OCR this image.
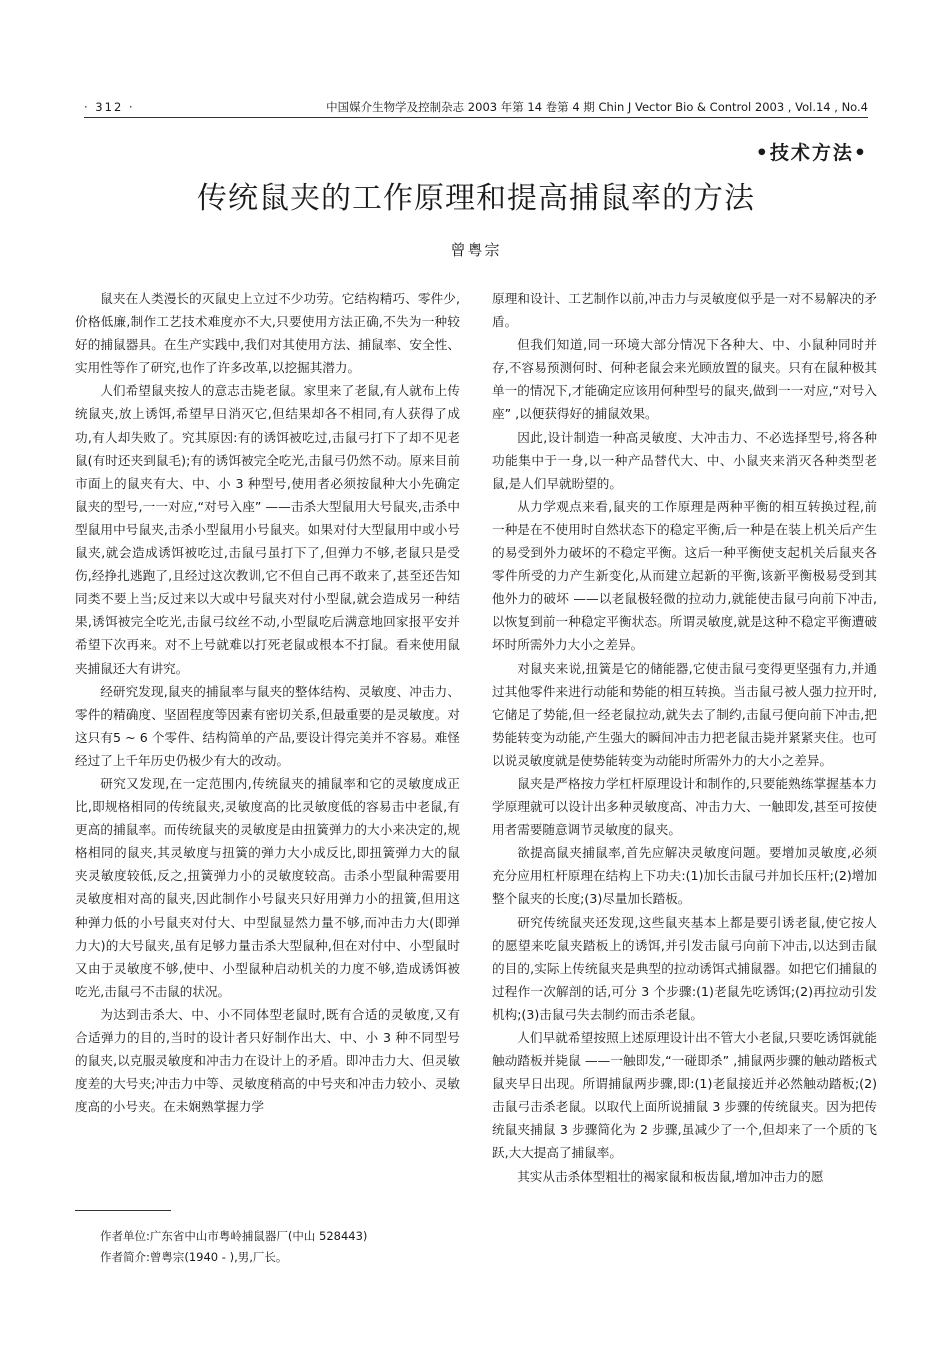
· 312 ·	中国媒介生物学及控制杂志 2003 年第 14 卷第 4 期 Chin J Vector Bio & Control 2003 , Vol.14 , No.4
•技术方法•
传统鼠夹的工作原理和提高捕鼠率的方法
曾粤宗

鼠夹在人类漫长的灭鼠史上立过不少功劳。它结构精巧、零件少,价格低廉,制作工艺技术难度亦不大,只要使用方法正确,不失为一种较好的捕鼠器具。在生产实践中,我们对其使用方法、捕鼠率、安全性、实用性等作了研究,也作了许多改革,以挖掘其潜力。

人们希望鼠夹按人的意志击毙老鼠。家里来了老鼠,有人就布上传统鼠夹,放上诱饵,希望早日消灭它,但结果却各不相同,有人获得了成功,有人却失败了。究其原因:有的诱饵被吃过,击鼠弓打下了却不见老鼠(有时还夹到鼠毛);有的诱饵被完全吃光,击鼠弓仍然不动。原来目前市面上的鼠夹有大、中、小 3 种型号,使用者必须按鼠种大小先确定鼠夹的型号,一一对应,“对号入座” ——击杀大型鼠用大号鼠夹,击杀中型鼠用中号鼠夹,击杀小型鼠用小号鼠夹。如果对付大型鼠用中或小号鼠夹,就会造成诱饵被吃过,击鼠弓虽打下了,但弹力不够,老鼠只是受伤,经挣扎逃跑了,且经过这次教训,它不但自己再不敢来了,甚至还告知同类不要上当;反过来以大或中号鼠夹对付小型鼠,就会造成另一种结果,诱饵被完全吃光,击鼠弓纹丝不动,小型鼠吃后满意地回家报平安并希望下次再来。对不上号就难以打死老鼠或根本不打鼠。看来使用鼠夹捕鼠还大有讲究。

经研究发现,鼠夹的捕鼠率与鼠夹的整体结构、灵敏度、冲击力、零件的精确度、坚固程度等因素有密切关系,但最重要的是灵敏度。对这只有5 ~ 6 个零件、结构简单的产品,要设计得完美并不容易。难怪经过了上千年历史仍极少有大的改动。

研究又发现,在一定范围内,传统鼠夹的捕鼠率和它的灵敏度成正比,即规格相同的传统鼠夹,灵敏度高的比灵敏度低的容易击中老鼠,有更高的捕鼠率。而传统鼠夹的灵敏度是由扭簧弹力的大小来决定的,规格相同的鼠夹,其灵敏度与扭簧的弹力大小成反比,即扭簧弹力大的鼠夹灵敏度较低,反之,扭簧弹力小的灵敏度较高。击杀小型鼠种需要用灵敏度相对高的鼠夹,因此制作小号鼠夹只好用弹力小的扭簧,但用这种弹力低的小号鼠夹对付大、中型鼠显然力量不够,而冲击力大(即弹力大)的大号鼠夹,虽有足够力量击杀大型鼠种,但在对付中、小型鼠时又由于灵敏度不够,使中、小型鼠种启动机关的力度不够,造成诱饵被吃光,击鼠弓不击鼠的状况。

为达到击杀大、中、小不同体型老鼠时,既有合适的灵敏度,又有合适弹力的目的,当时的设计者只好制作出大、中、小 3 种不同型号的鼠夹,以克服灵敏度和冲击力在设计上的矛盾。即冲击力大、但灵敏度差的大号夹;冲击力中等、灵敏度稍高的中号夹和冲击力较小、灵敏度高的小号夹。在未娴熟掌握力学

原理和设计、工艺制作以前,冲击力与灵敏度似乎是一对不易解决的矛盾。

但我们知道,同一环境大部分情况下各种大、中、小鼠种同时并存,不容易预测何时、何种老鼠会来光顾放置的鼠夹。只有在鼠种极其单一的情况下,才能确定应该用何种型号的鼠夹,做到一一对应,“对号入座” ,以便获得好的捕鼠效果。

因此,设计制造一种高灵敏度、大冲击力、不必选择型号,将各种功能集中于一身,以一种产品替代大、中、小鼠夹来消灭各种类型老鼠,是人们早就盼望的。

从力学观点来看,鼠夹的工作原理是两种平衡的相互转换过程,前一种是在不使用时自然状态下的稳定平衡,后一种是在装上机关后产生的易受到外力破坏的不稳定平衡。这后一种平衡使支起机关后鼠夹各零件所受的力产生新变化,从而建立起新的平衡,该新平衡极易受到其他外力的破坏 ——以老鼠极轻微的拉动力,就能使击鼠弓向前下冲击,以恢复到前一种稳定平衡状态。所谓灵敏度,就是这种不稳定平衡遭破坏时所需外力大小之差异。

对鼠夹来说,扭簧是它的储能器,它使击鼠弓变得更坚强有力,并通过其他零件来进行动能和势能的相互转换。当击鼠弓被人强力拉开时,它储足了势能,但一经老鼠拉动,就失去了制约,击鼠弓便向前下冲击,把势能转变为动能,产生强大的瞬间冲击力把老鼠击毙并紧紧夹住。也可以说灵敏度就是使势能转变为动能时所需外力的大小之差异。

鼠夹是严格按力学杠杆原理设计和制作的,只要能熟练掌握基本力学原理就可以设计出多种灵敏度高、冲击力大、一触即发,甚至可按使用者需要随意调节灵敏度的鼠夹。

欲提高鼠夹捕鼠率,首先应解决灵敏度问题。要增加灵敏度,必须充分应用杠杆原理在结构上下功夫:(1)加长击鼠弓并加长压杆;(2)增加整个鼠夹的长度;(3)尽量加长踏板。

研究传统鼠夹还发现,这些鼠夹基本上都是要引诱老鼠,使它按人的愿望来吃鼠夹踏板上的诱饵,并引发击鼠弓向前下冲击,以达到击鼠的目的,实际上传统鼠夹是典型的拉动诱饵式捕鼠器。如把它们捕鼠的过程作一次解剖的话,可分 3 个步骤:(1)老鼠先吃诱饵;(2)再拉动引发机构;(3)击鼠弓失去制约而击杀老鼠。

人们早就希望按照上述原理设计出不管大小老鼠,只要吃诱饵就能触动踏板并毙鼠 ——一触即发,“一碰即杀” ,捕鼠两步骤的触动踏板式鼠夹早日出现。所谓捕鼠两步骤,即:(1)老鼠接近并必然触动踏板;(2)击鼠弓击杀老鼠。以取代上面所说捕鼠 3 步骤的传统鼠夹。因为把传统鼠夹捕鼠 3 步骤简化为 2 步骤,虽减少了一个,但却来了一个质的飞跃,大大提高了捕鼠率。

其实从击杀体型粗壮的褐家鼠和板齿鼠,增加冲击力的愿

作者单位:广东省中山市粤岭捕鼠器厂(中山 528443)
作者简介:曾粤宗(1940 - ),男,厂长。
